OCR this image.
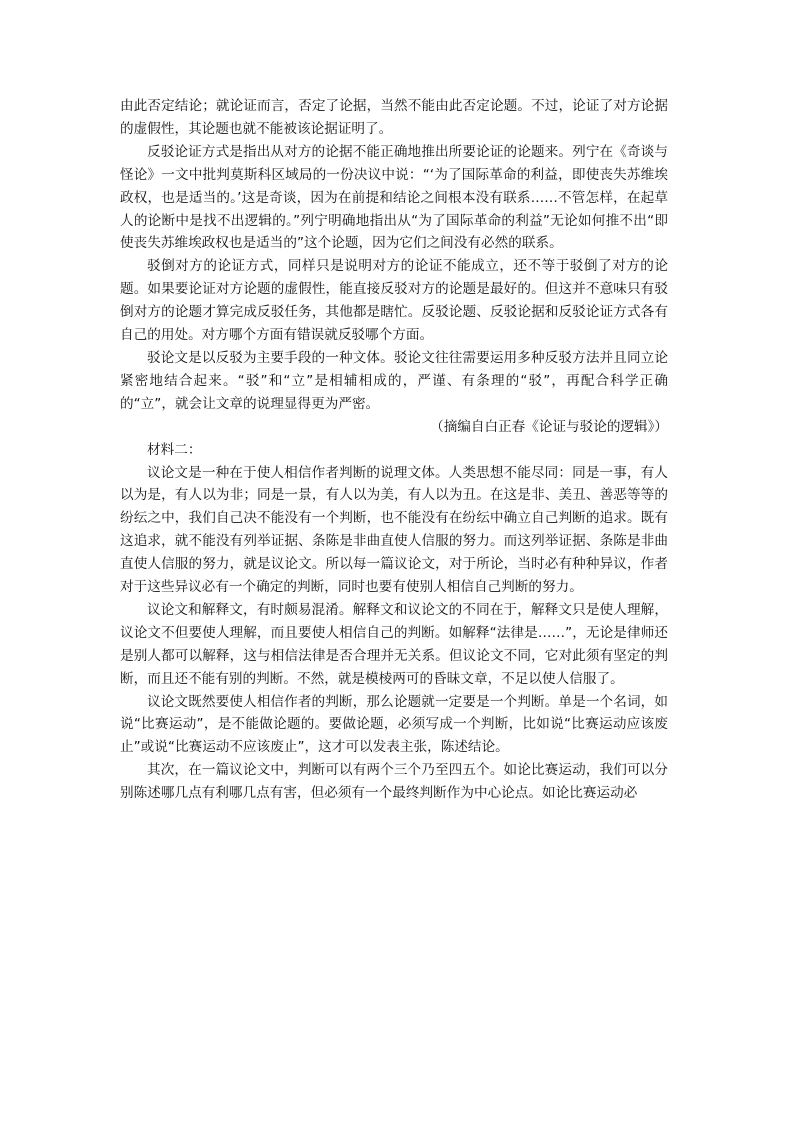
由此否定结论；就论证而言，否定了论据，当然不能由此否定论题。不过，论证了对方论据的虚假性，其论题也就不能被该论据证明了。

反驳论证方式是指出从对方的论据不能正确地推出所要论证的论题来。列宁在《奇谈与怪论》一文中批判莫斯科区域局的一份决议中说：“‘为了国际革命的利益，即使丧失苏维埃政权，也是适当的。’这是奇谈，因为在前提和结论之间根本没有联系……不管怎样，在起草人的论断中是找不出逻辑的。”列宁明确地指出从“为了国际革命的利益”无论如何推不出“即使丧失苏维埃政权也是适当的”这个论题，因为它们之间没有必然的联系。

驳倒对方的论证方式，同样只是说明对方的论证不能成立，还不等于驳倒了对方的论题。如果要论证对方论题的虚假性，能直接反驳对方的论题是最好的。但这并不意味只有驳倒对方的论题才算完成反驳任务，其他都是瞎忙。反驳论题、反驳论据和反驳论证方式各有自己的用处。对方哪个方面有错误就反驳哪个方面。

驳论文是以反驳为主要手段的一种文体。驳论文往往需要运用多种反驳方法并且同立论紧密地结合起来。“驳”和“立”是相辅相成的，严谨、有条理的“驳”，再配合科学正确的“立”，就会让文章的说理显得更为严密。

（摘编自白正春《论证与驳论的逻辑》）

材料二：

议论文是一种在于使人相信作者判断的说理文体。人类思想不能尽同：同是一事，有人以为是，有人以为非；同是一景，有人以为美，有人以为丑。在这是非、美丑、善恶等等的纷纭之中，我们自己决不能没有一个判断，也不能没有在纷纭中确立自己判断的追求。既有这追求，就不能没有列举证据、条陈是非曲直使人信服的努力。而这列举证据、条陈是非曲直使人信服的努力，就是议论文。所以每一篇议论文，对于所论，当时必有种种异议，作者对于这些异议必有一个确定的判断，同时也要有使别人相信自己判断的努力。

议论文和解释文，有时颇易混淆。解释文和议论文的不同在于，解释文只是使人理解，议论文不但要使人理解，而且要使人相信自己的判断。如解释“法律是……”，无论是律师还是别人都可以解释，这与相信法律是否合理并无关系。但议论文不同，它对此须有坚定的判断，而且还不能有别的判断。不然，就是模棱两可的昏昧文章，不足以使人信服了。

议论文既然要使人相信作者的判断，那么论题就一定要是一个判断。单是一个名词，如说“比赛运动”，是不能做论题的。要做论题，必须写成一个判断，比如说“比赛运动应该废止”或说“比赛运动不应该废止”，这才可以发表主张，陈述结论。

其次，在一篇议论文中，判断可以有两个三个乃至四五个。如论比赛运动，我们可以分别陈述哪几点有利哪几点有害，但必须有一个最终判断作为中心论点。如论比赛运动必
